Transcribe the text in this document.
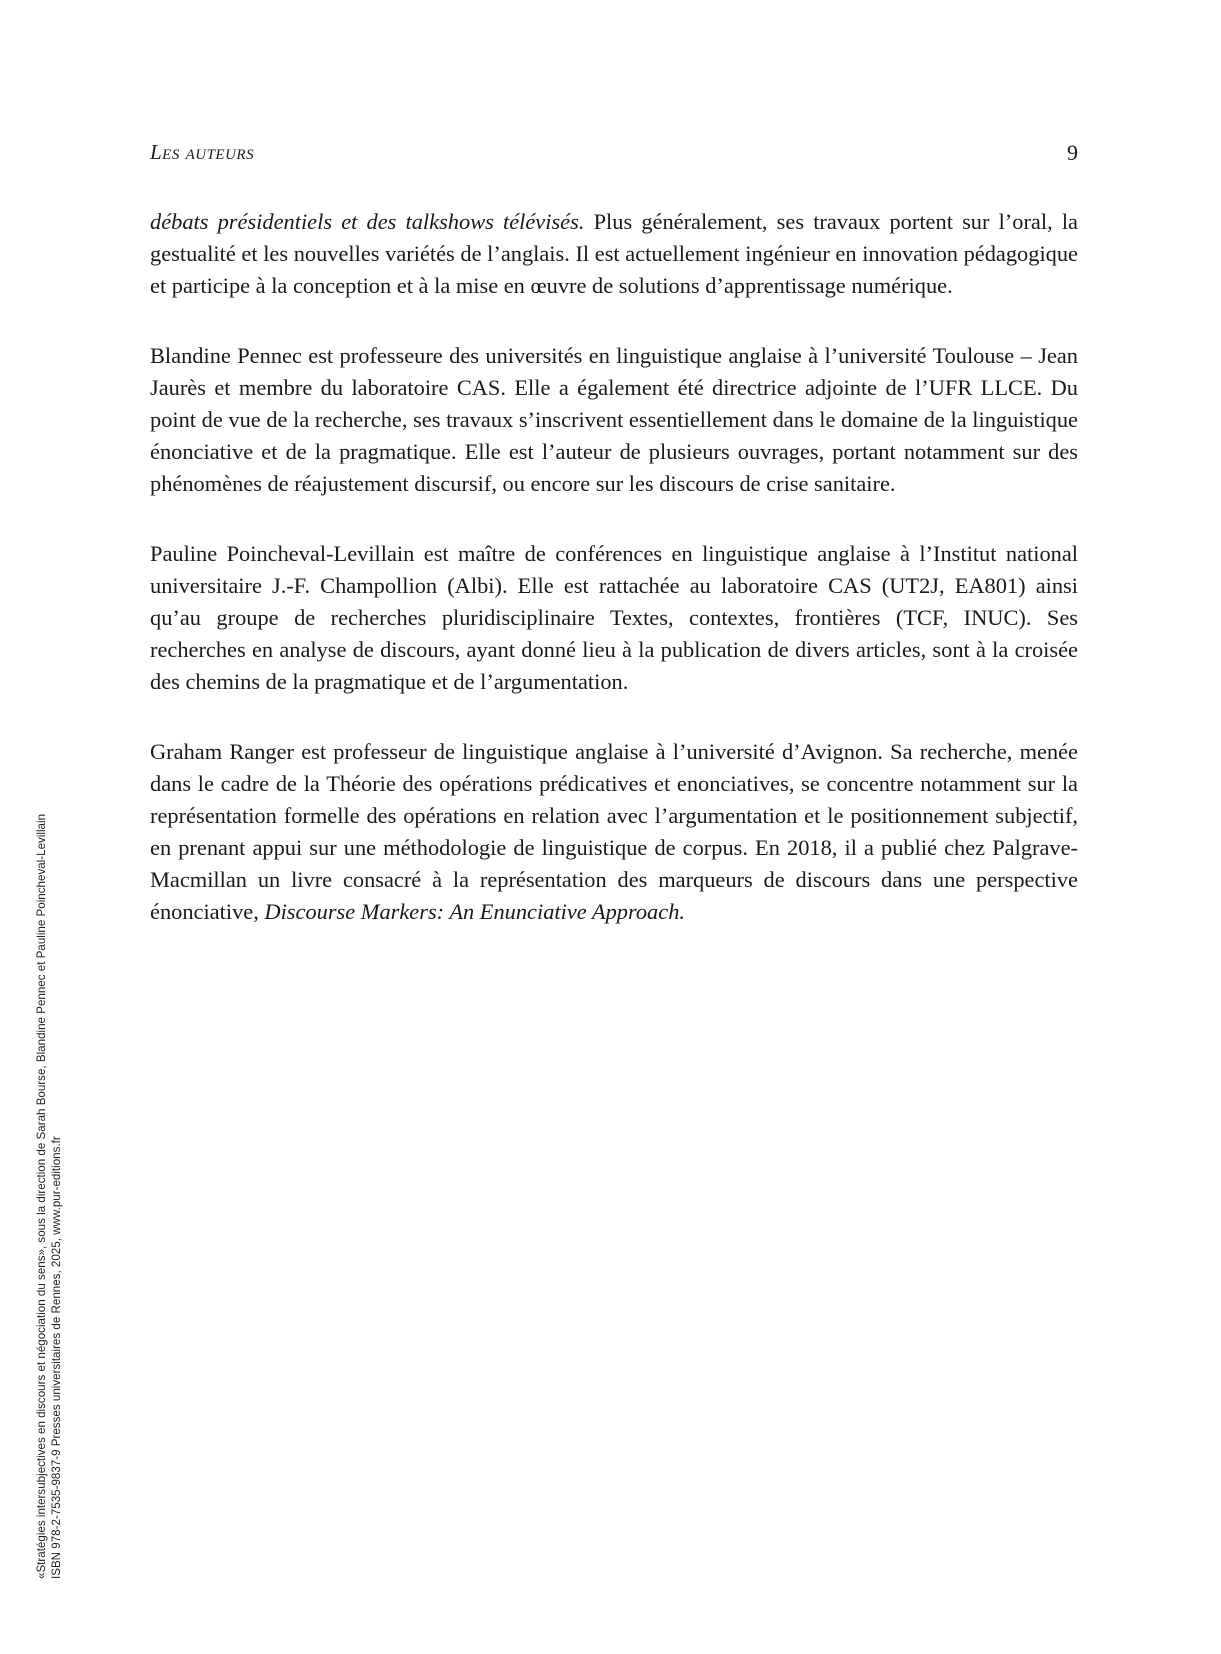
Les auteurs	9

débats présidentiels et des talkshows télévisés. Plus généralement, ses travaux portent sur l’oral, la gestualité et les nouvelles variétés de l’anglais. Il est actuellement ingénieur en innovation pédagogique et participe à la conception et à la mise en œuvre de solutions d’apprentissage numérique.

Blandine Pennec est professeure des universités en linguistique anglaise à l’université Toulouse – Jean Jaurès et membre du laboratoire CAS. Elle a également été directrice adjointe de l’UFR LLCE. Du point de vue de la recherche, ses travaux s’inscrivent essentiellement dans le domaine de la linguistique énonciative et de la pragmatique. Elle est l’auteur de plusieurs ouvrages, portant notamment sur des phénomènes de réajustement discursif, ou encore sur les discours de crise sanitaire.

Pauline Poincheval-Levillain est maître de conférences en linguistique anglaise à l’Institut national universitaire J.-F. Champollion (Albi). Elle est rattachée au laboratoire CAS (UT2J, EA801) ainsi qu’au groupe de recherches pluridisciplinaire Textes, contextes, frontières (TCF, INUC). Ses recherches en analyse de discours, ayant donné lieu à la publication de divers articles, sont à la croisée des chemins de la pragmatique et de l’argumentation.

Graham Ranger est professeur de linguistique anglaise à l’université d’Avignon. Sa recherche, menée dans le cadre de la Théorie des opérations prédicatives et enonciatives, se concentre notamment sur la représentation formelle des opérations en relation avec l’argumentation et le positionnement subjectif, en prenant appui sur une méthodologie de linguistique de corpus. En 2018, il a publié chez Palgrave-Macmillan un livre consacré à la représentation des marqueurs de discours dans une perspective énonciative, Discourse Markers: An Enunciative Approach.

«Stratégies intersubjectives en discours et négociation du sens», sous la direction de Sarah Bourse, Blandine Pennec et Pauline Poincheval-Levillain ISBN 978-2-7535-9837-9 Presses universitaires de Rennes, 2025, www.pur-editions.fr
